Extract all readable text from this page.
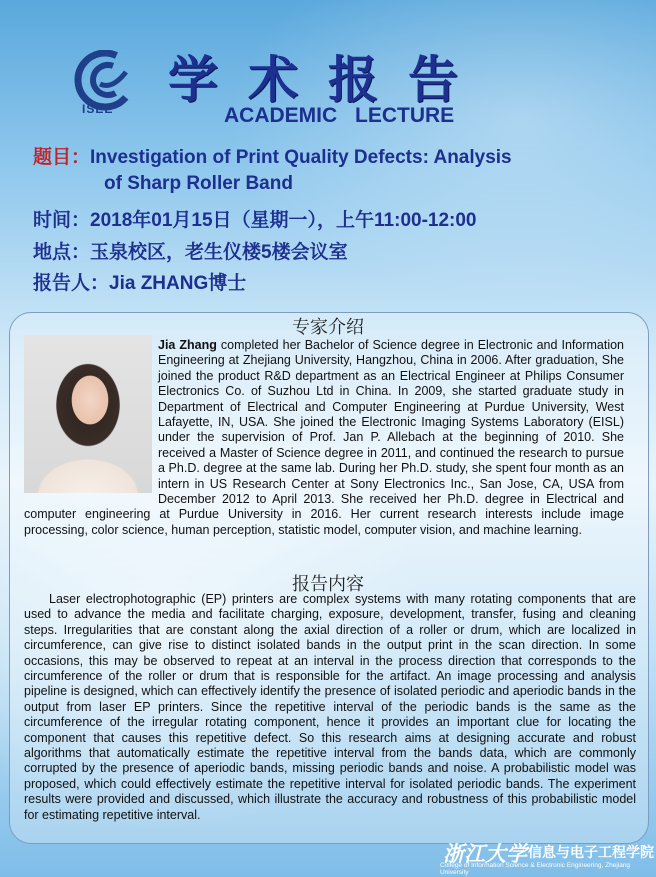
ISEE 学术报告
ACADEMIC LECTURE
题目：Investigation of Print Quality Defects: Analysis
of Sharp Roller Band
时间：2018年01月15日（星期一），上午11:00-12:00
地点：玉泉校区，老生仪楼5楼会议室
报告人：Jia ZHANG博士
专家介绍
Jia Zhang completed her Bachelor of Science degree in Electronic and Information Engineering at Zhejiang University, Hangzhou, China in 2006. After graduation, She joined the product R&D department as an Electrical Engineer at Philips Consumer Electronics Co. of Suzhou Ltd in China. In 2009, she started graduate study in Department of Electrical and Computer Engineering at Purdue University, West Lafayette, IN, USA. She joined the Electronic Imaging Systems Laboratory (EISL) under the supervision of Prof. Jan P. Allebach at the beginning of 2010. She received a Master of Science degree in 2011, and continued the research to pursue a Ph.D. degree at the same lab. During her Ph.D. study, she spent four month as an intern in US Research Center at Sony Electronics Inc., San Jose, CA, USA from December 2012 to April 2013. She received her Ph.D. degree in Electrical and computer engineering at Purdue University in 2016. Her current research interests include image processing, color science, human perception, statistic model, computer vision, and machine learning.
报告内容
Laser electrophotographic (EP) printers are complex systems with many rotating components that are used to advance the media and facilitate charging, exposure, development, transfer, fusing and cleaning steps. Irregularities that are constant along the axial direction of a roller or drum, which are localized in circumference, can give rise to distinct isolated bands in the output print in the scan direction. In some occasions, this may be observed to repeat at an interval in the process direction that corresponds to the circumference of the roller or drum that is responsible for the artifact. An image processing and analysis pipeline is designed, which can effectively identify the presence of isolated periodic and aperiodic bands in the output from laser EP printers. Since the repetitive interval of the periodic bands is the same as the circumference of the irregular rotating component, hence it provides an important clue for locating the component that causes this repetitive defect. So this research aims at designing accurate and robust algorithms that automatically estimate the repetitive interval from the bands data, which are commonly corrupted by the presence of aperiodic bands, missing periodic bands and noise. A probabilistic model was proposed, which could effectively estimate the repetitive interval for isolated periodic bands. The experiment results were provided and discussed, which illustrate the accuracy and robustness of this probabilistic model for estimating repetitive interval.
浙江大学 信息与电子工程学院
College of Information Science & Electronic Engineering, Zhejiang University
